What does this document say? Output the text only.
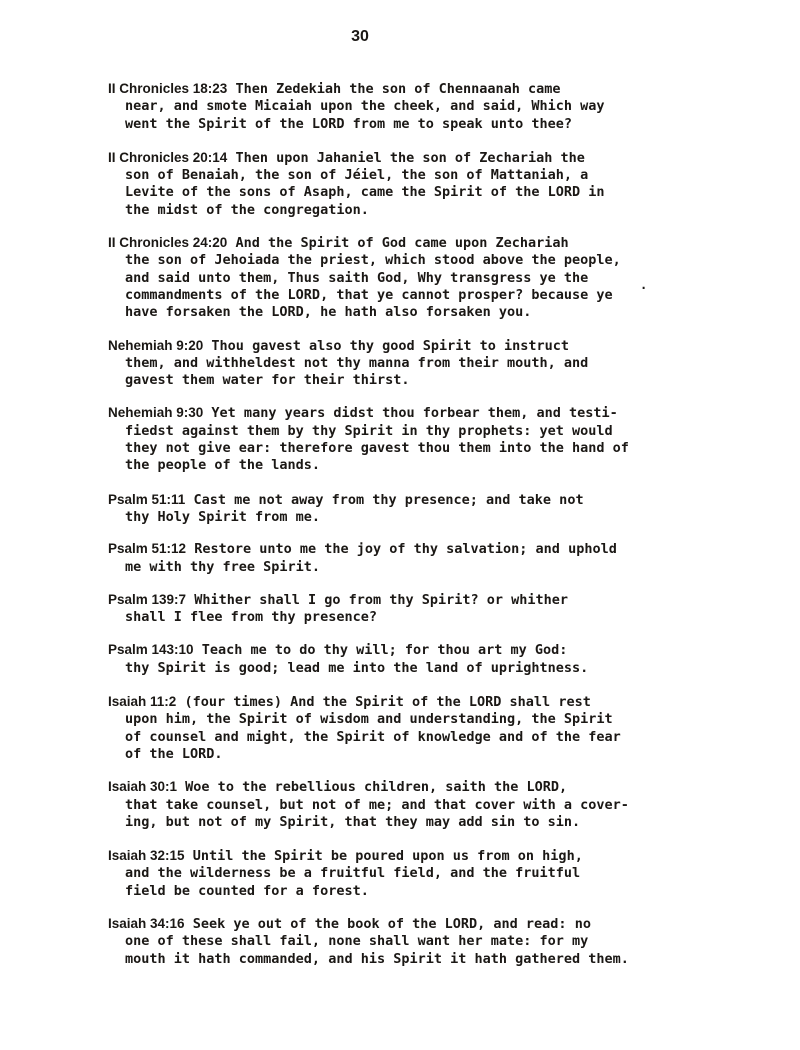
30
II Chronicles 18:23 Then Zedekiah the son of Chennaanah came
near, and smote Micaiah upon the cheek, and said, Which way
went the Spirit of the LORD from me to speak unto thee?
II Chronicles 20:14 Then upon Jahaniel the son of Zechariah the
son of Benaiah, the son of Jéiel, the son of Mattaniah, a
Levite of the sons of Asaph, came the Spirit of the LORD in
the midst of the congregation.
II Chronicles 24:20 And the Spirit of God came upon Zechariah
the son of Jehoiada the priest, which stood above the people,
and said unto them, Thus saith God, Why transgress ye the
commandments of the LORD, that ye cannot prosper? because ye
have forsaken the LORD, he hath also forsaken you.
Nehemiah 9:20 Thou gavest also thy good Spirit to instruct
them, and withheldest not thy manna from their mouth, and
gavest them water for their thirst.
Nehemiah 9:30 Yet many years didst thou forbear them, and testi-
fiedst against them by thy Spirit in thy prophets: yet would
they not give ear: therefore gavest thou them into the hand of
the people of the lands.
Psalm 51:11 Cast me not away from thy presence; and take not
thy Holy Spirit from me.
Psalm 51:12 Restore unto me the joy of thy salvation; and uphold
me with thy free Spirit.
Psalm 139:7 Whither shall I go from thy Spirit? or whither
shall I flee from thy presence?
Psalm 143:10 Teach me to do thy will; for thou art my God:
thy Spirit is good; lead me into the land of uprightness.
Isaiah 11:2 (four times) And the Spirit of the LORD shall rest
upon him, the Spirit of wisdom and understanding, the Spirit
of counsel and might, the Spirit of knowledge and of the fear
of the LORD.
Isaiah 30:1 Woe to the rebellious children, saith the LORD,
that take counsel, but not of me; and that cover with a cover-
ing, but not of my Spirit, that they may add sin to sin.
Isaiah 32:15 Until the Spirit be poured upon us from on high,
and the wilderness be a fruitful field, and the fruitful
field be counted for a forest.
Isaiah 34:16 Seek ye out of the book of the LORD, and read: no
one of these shall fail, none shall want her mate: for my
mouth it hath commanded, and his Spirit it hath gathered them.
.
